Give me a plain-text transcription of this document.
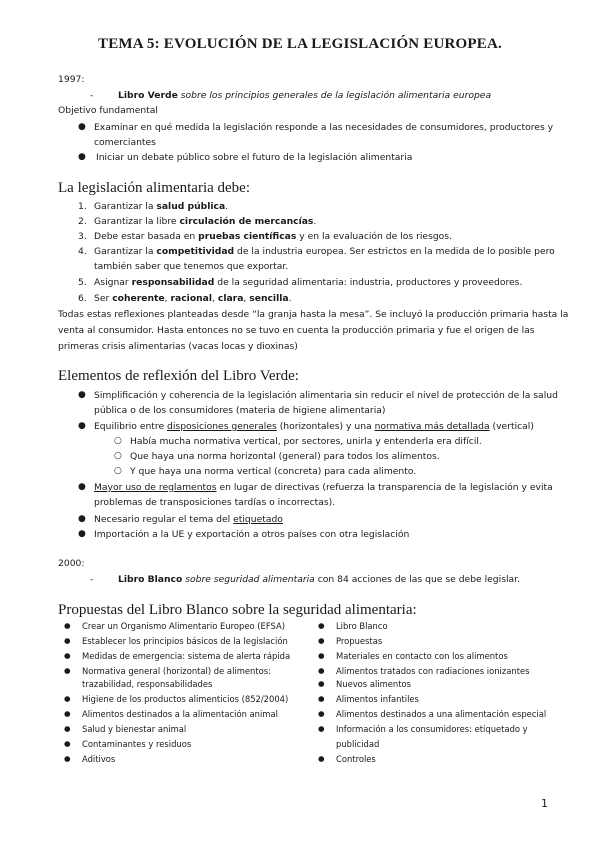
TEMA 5: EVOLUCIÓN DE LA LEGISLACIÓN EUROPEA.
1997:
-	Libro Verde sobre los principios generales de la legislación alimentaria europea
Objetivo fundamental
● Examinar en qué medida la legislación responde a las necesidades de consumidores, productores y
comerciantes
● Iniciar un debate público sobre el futuro de la legislación alimentaria
La legislación alimentaria debe:
1. Garantizar la salud pública.
2. Garantizar la libre circulación de mercancías.
3. Debe estar basada en pruebas científicas y en la evaluación de los riesgos.
4. Garantizar la competitividad de la industria europea. Ser estrictos en la medida de lo posible pero
también saber que tenemos que exportar.
5. Asignar responsabilidad de la seguridad alimentaria: industria, productores y proveedores.
6. Ser coherente, racional, clara, sencilla.
Todas estas reflexiones planteadas desde “la granja hasta la mesa”. Se incluyó la producción primaria hasta la
venta al consumidor. Hasta entonces no se tuvo en cuenta la producción primaria y fue el origen de las
primeras crisis alimentarias (vacas locas y dioxinas)
Elementos de reflexión del Libro Verde:
● Simplificación y coherencia de la legislación alimentaria sin reducir el nivel de protección de la salud
pública o de los consumidores (materia de higiene alimentaria)
● Equilibrio entre disposiciones generales (horizontales) y una normativa más detallada (vertical)
○ Había mucha normativa vertical, por sectores, unirla y entenderla era difícil.
○ Que haya una norma horizontal (general) para todos los alimentos.
○ Y que haya una norma vertical (concreta) para cada alimento.
● Mayor uso de reglamentos en lugar de directivas (refuerza la transparencia de la legislación y evita
problemas de transposiciones tardías o incorrectas).
● Necesario regular el tema del etiquetado
● Importación a la UE y exportación a otros países con otra legislación
2000:
-	Libro Blanco sobre seguridad alimentaria con 84 acciones de las que se debe legislar.
Propuestas del Libro Blanco sobre la seguridad alimentaria:
1
● Crear un Organismo Alimentario Europeo (EFSA)
● Establecer los principios básicos de la legislación
● Medidas de emergencia: sistema de alerta rápida
● Normativa general (horizontal) de alimentos:
trazabilidad, responsabilidades
● Higiene de los productos alimenticios (852/2004)
● Alimentos destinados a la alimentación animal
● Salud y bienestar animal
● Contaminantes y residuos
● Aditivos
● Libro Blanco
● Propuestas
● Materiales en contacto con los alimentos
● Alimentos tratados con radiaciones ionizantes
● Nuevos alimentos
● Alimentos infantiles
● Alimentos destinados a una alimentación especial
● Información a los consumidores: etiquetado y
publicidad
● Controles
